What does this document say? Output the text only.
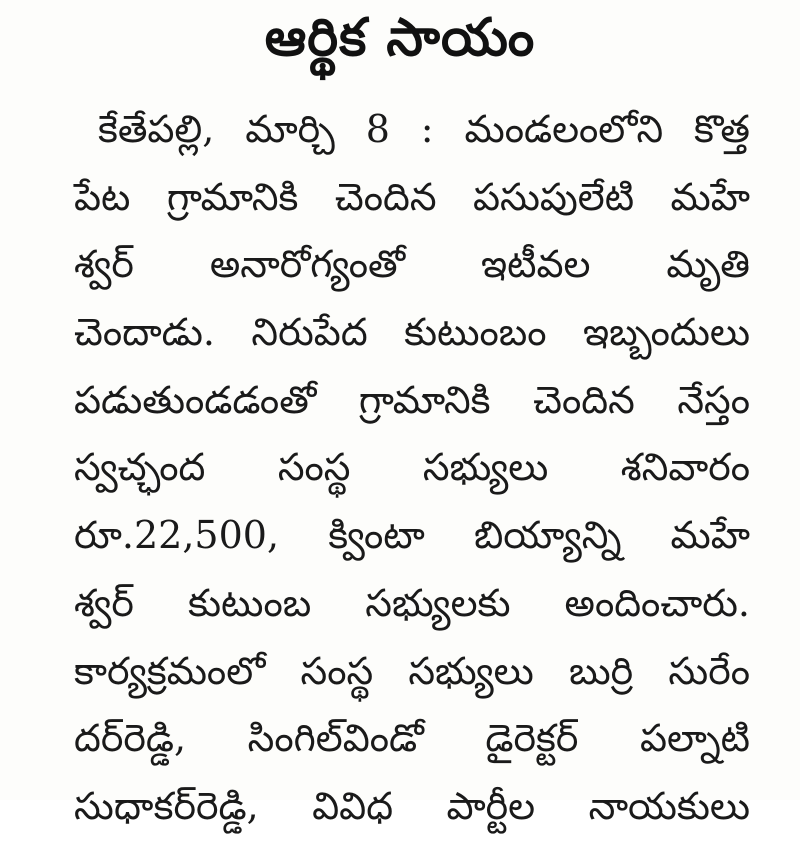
ఆర్థిక సాయం
కేతేపల్లి, మార్చి 8 : మండలంలోని కొత్త
పేట గ్రామానికి చెందిన పసుపులేటి మహే
శ్వర్ అనారోగ్యంతో ఇటీవల మృతి
చెందాడు. నిరుపేద కుటుంబం ఇబ్బందులు
పడుతుండడంతో గ్రామానికి చెందిన నేస్తం
స్వచ్ఛంద సంస్థ సభ్యులు శనివారం
రూ.22,500, క్వింటా బియ్యాన్ని మహే
శ్వర్ కుటుంబ సభ్యులకు అందించారు.
కార్యక్రమంలో సంస్థ సభ్యులు బుర్రి సురేం
దర్‌రెడ్డి, సింగిల్‌విండో డైరెక్టర్ పల్నాటి
సుధాకర్‌రెడ్డి, వివిధ పార్టీల నాయకులు
